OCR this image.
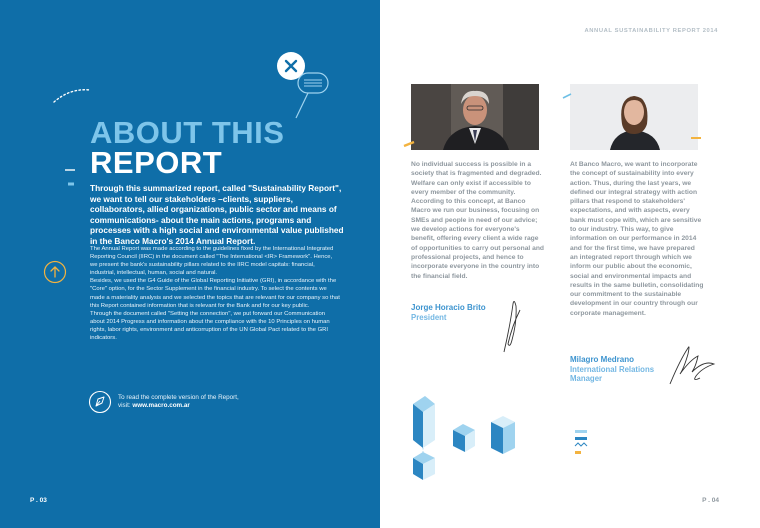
ABOUT THIS
REPORT
Through this summarized report, called "Sustainability Report", we want to tell our stakeholders –clients, suppliers, collaborators, allied organizations, public sector and means of communications- about the main actions, programs and processes with a high social and environmental value published in the Banco Macro's 2014 Annual Report.

The Annual Report was made according to the guidelines fixed by the International Integrated Reporting Council (IIRC) in the document called "The International <IR> Framework". Hence, we present the bank's sustainability pillars related to the IIRC model capitals: financial, industrial, intellectual, human, social and natural.

Besides, we used the G4 Guide of the Global Reporting Initiative (GRI), in accordance with the "Core" option, for the Sector Supplement in the financial industry. To select the contents we made a materiality analysis and we selected the topics that are relevant for our company so that this Report contained information that is relevant for the Bank and for our key public.

Through the document called "Setting the connection", we put forward our Communication about 2014 Progress and information about the compliance with the 10 Principles on human rights, labor rights, environment and anticorruption of the UN Global Pact related to the GRI indicators.

To read the complete version of the Report,
visit: www.macro.com.ar
P . 03
ANNUAL SUSTAINABILITY REPORT 2014
No individual success is possible in a society that is fragmented and degraded. Welfare can only exist if accessible to every member of the community. According to this concept, at Banco Macro we run our business, focusing on SMEs and people in need of our advice; we develop actions for everyone's benefit, offering every client a wide rage of opportunities to carry out personal and professional projects, and hence to incorporate everyone in the country into the financial field.
Jorge Horacio Brito
President
At Banco Macro, we want to incorporate the concept of sustainability into every action. Thus, during the last years, we defined our integral strategy with action pillars that respond to stakeholders' expectations, and with aspects, every bank must cope with, which are sensitive to our industry. This way, to give information on our performance in 2014 and for the first time, we have prepared an integrated report through which we inform our public about the economic, social and environmental impacts and results in the same bulletin, consolidating our commitment to the sustainable development in our country through our corporate management.
Milagro Medrano
International Relations
Manager
P . 04
